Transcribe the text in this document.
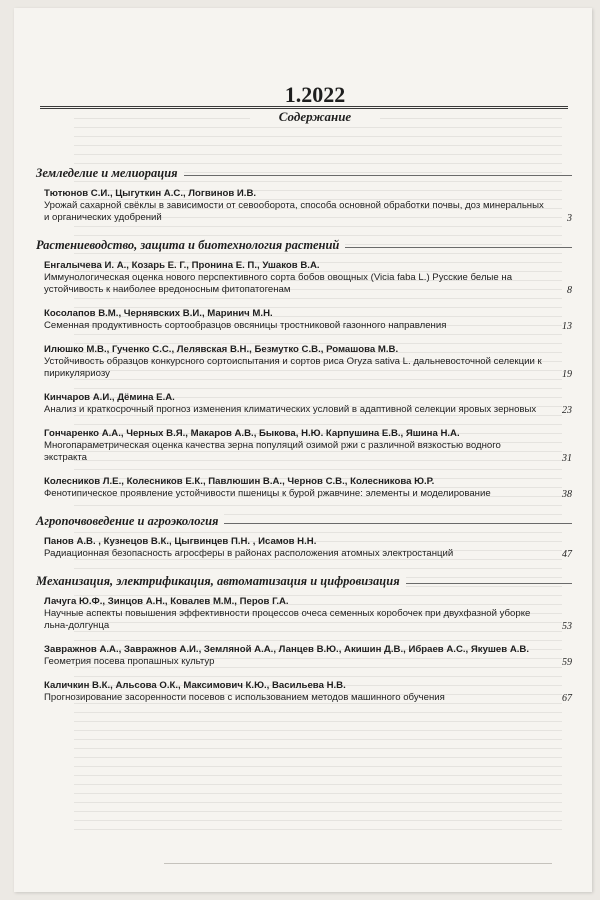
1.2022
Содержание
Земледелие и мелиорация
Тютюнов С.И., Цыгуткин А.С., Логвинов И.В.
Урожай сахарной свёклы в зависимости от севооборота, способа основной обработки почвы, доз минеральных и органических удобрений	3
Растениеводство, защита и биотехнология растений
Енгалычева И. А., Козарь Е. Г., Пронина Е. П., Ушаков В.А.
Иммунологическая оценка нового перспективного сорта бобов овощных (Vicia faba L.) Русские белые на устойчивость к наиболее вредоносным фитопатогенам	8
Косолапов В.М., Чернявских В.И., Маринич М.Н.
Семенная продуктивность сортообразцов овсяницы тростниковой газонного направления	13
Илюшко М.В., Гученко С.С., Лелявская В.Н., Безмутко С.В., Ромашова М.В.
Устойчивость образцов конкурсного сортоиспытания и сортов риса Oryza sativa L. дальневосточной селекции к пирикуляриозу	19
Кинчаров А.И., Дёмина Е.А.
Анализ и краткосрочный прогноз изменения климатических условий в адаптивной селекции яровых зерновых	23
Гончаренко А.А., Черных В.Я., Макаров А.В., Быкова, Н.Ю. Карпушина Е.В., Яшина Н.А.
Многопараметрическая оценка качества зерна популяций озимой ржи с различной вязкостью водного экстракта	31
Колесников Л.Е., Колесников Е.К., Павлюшин В.А., Чернов С.В., Колесникова Ю.Р.
Фенотипическое проявление устойчивости пшеницы к бурой ржавчине: элементы и моделирование	38
Агропочвоведение и агроэкология
Панов А.В. , Кузнецов В.К., Цыгвинцев П.Н. , Исамов Н.Н.
Радиационная безопасность агросферы в районах расположения атомных электростанций	47
Механизация, электрификация, автоматизация и цифровизация
Лачуга Ю.Ф., Зинцов А.Н., Ковалев М.М., Перов Г.А.
Научные аспекты повышения эффективности процессов очеса семенных коробочек при двухфазной уборке льна-долгунца	53
Завражнов А.А., Завражнов А.И., Земляной А.А., Ланцев В.Ю., Акишин Д.В., Ибраев А.С., Якушев А.В.
Геометрия посева пропашных культур	59
Каличкин В.К., Альсова О.К., Максимович К.Ю., Васильева Н.В.
Прогнозирование засоренности посевов с использованием методов машинного обучения	67
